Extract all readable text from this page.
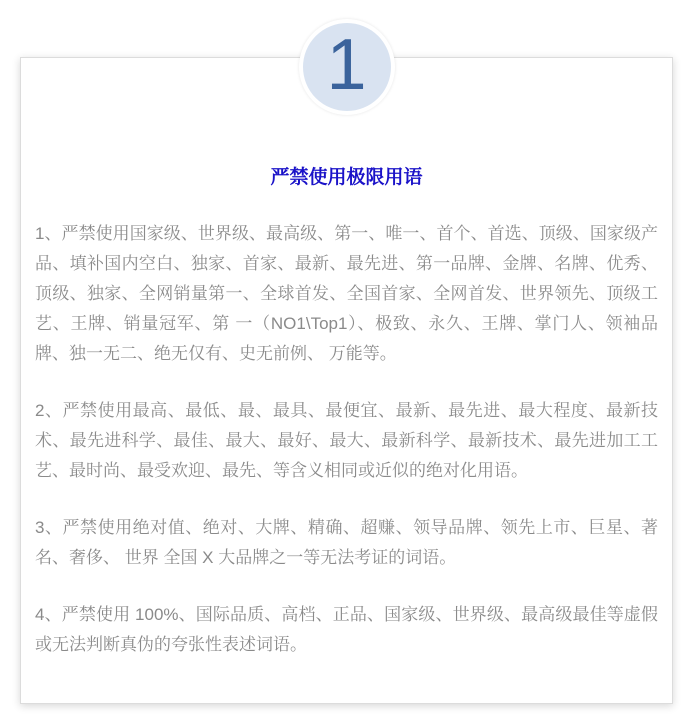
1
严禁使用极限用语

1、严禁使用国家级、世界级、最高级、第一、唯一、首个、首选、顶级、国家级产品、填补国内空白、独家、首家、最新、最先进、第一品牌、金牌、名牌、优秀、顶级、独家、全网销量第一、全球首发、全国首家、全网首发、世界领先、顶级工艺、王牌、销量冠军、第 一（NO1\Top1）、极致、永久、王牌、掌门人、领袖品牌、独一无二、绝无仅有、史无前例、 万能等。

2、严禁使用最高、最低、最、最具、最便宜、最新、最先进、最大程度、最新技术、最先进科学、最佳、最大、最好、最大、最新科学、最新技术、最先进加工工艺、最时尚、最受欢迎、最先、等含义相同或近似的绝对化用语。

3、严禁使用绝对值、绝对、大牌、精确、超赚、领导品牌、领先上市、巨星、著名、奢侈、 世界 全国 X 大品牌之一等无法考证的词语。

4、严禁使用 100%、国际品质、高档、正品、国家级、世界级、最高级最佳等虚假或无法判断真伪的夸张性表述词语。
